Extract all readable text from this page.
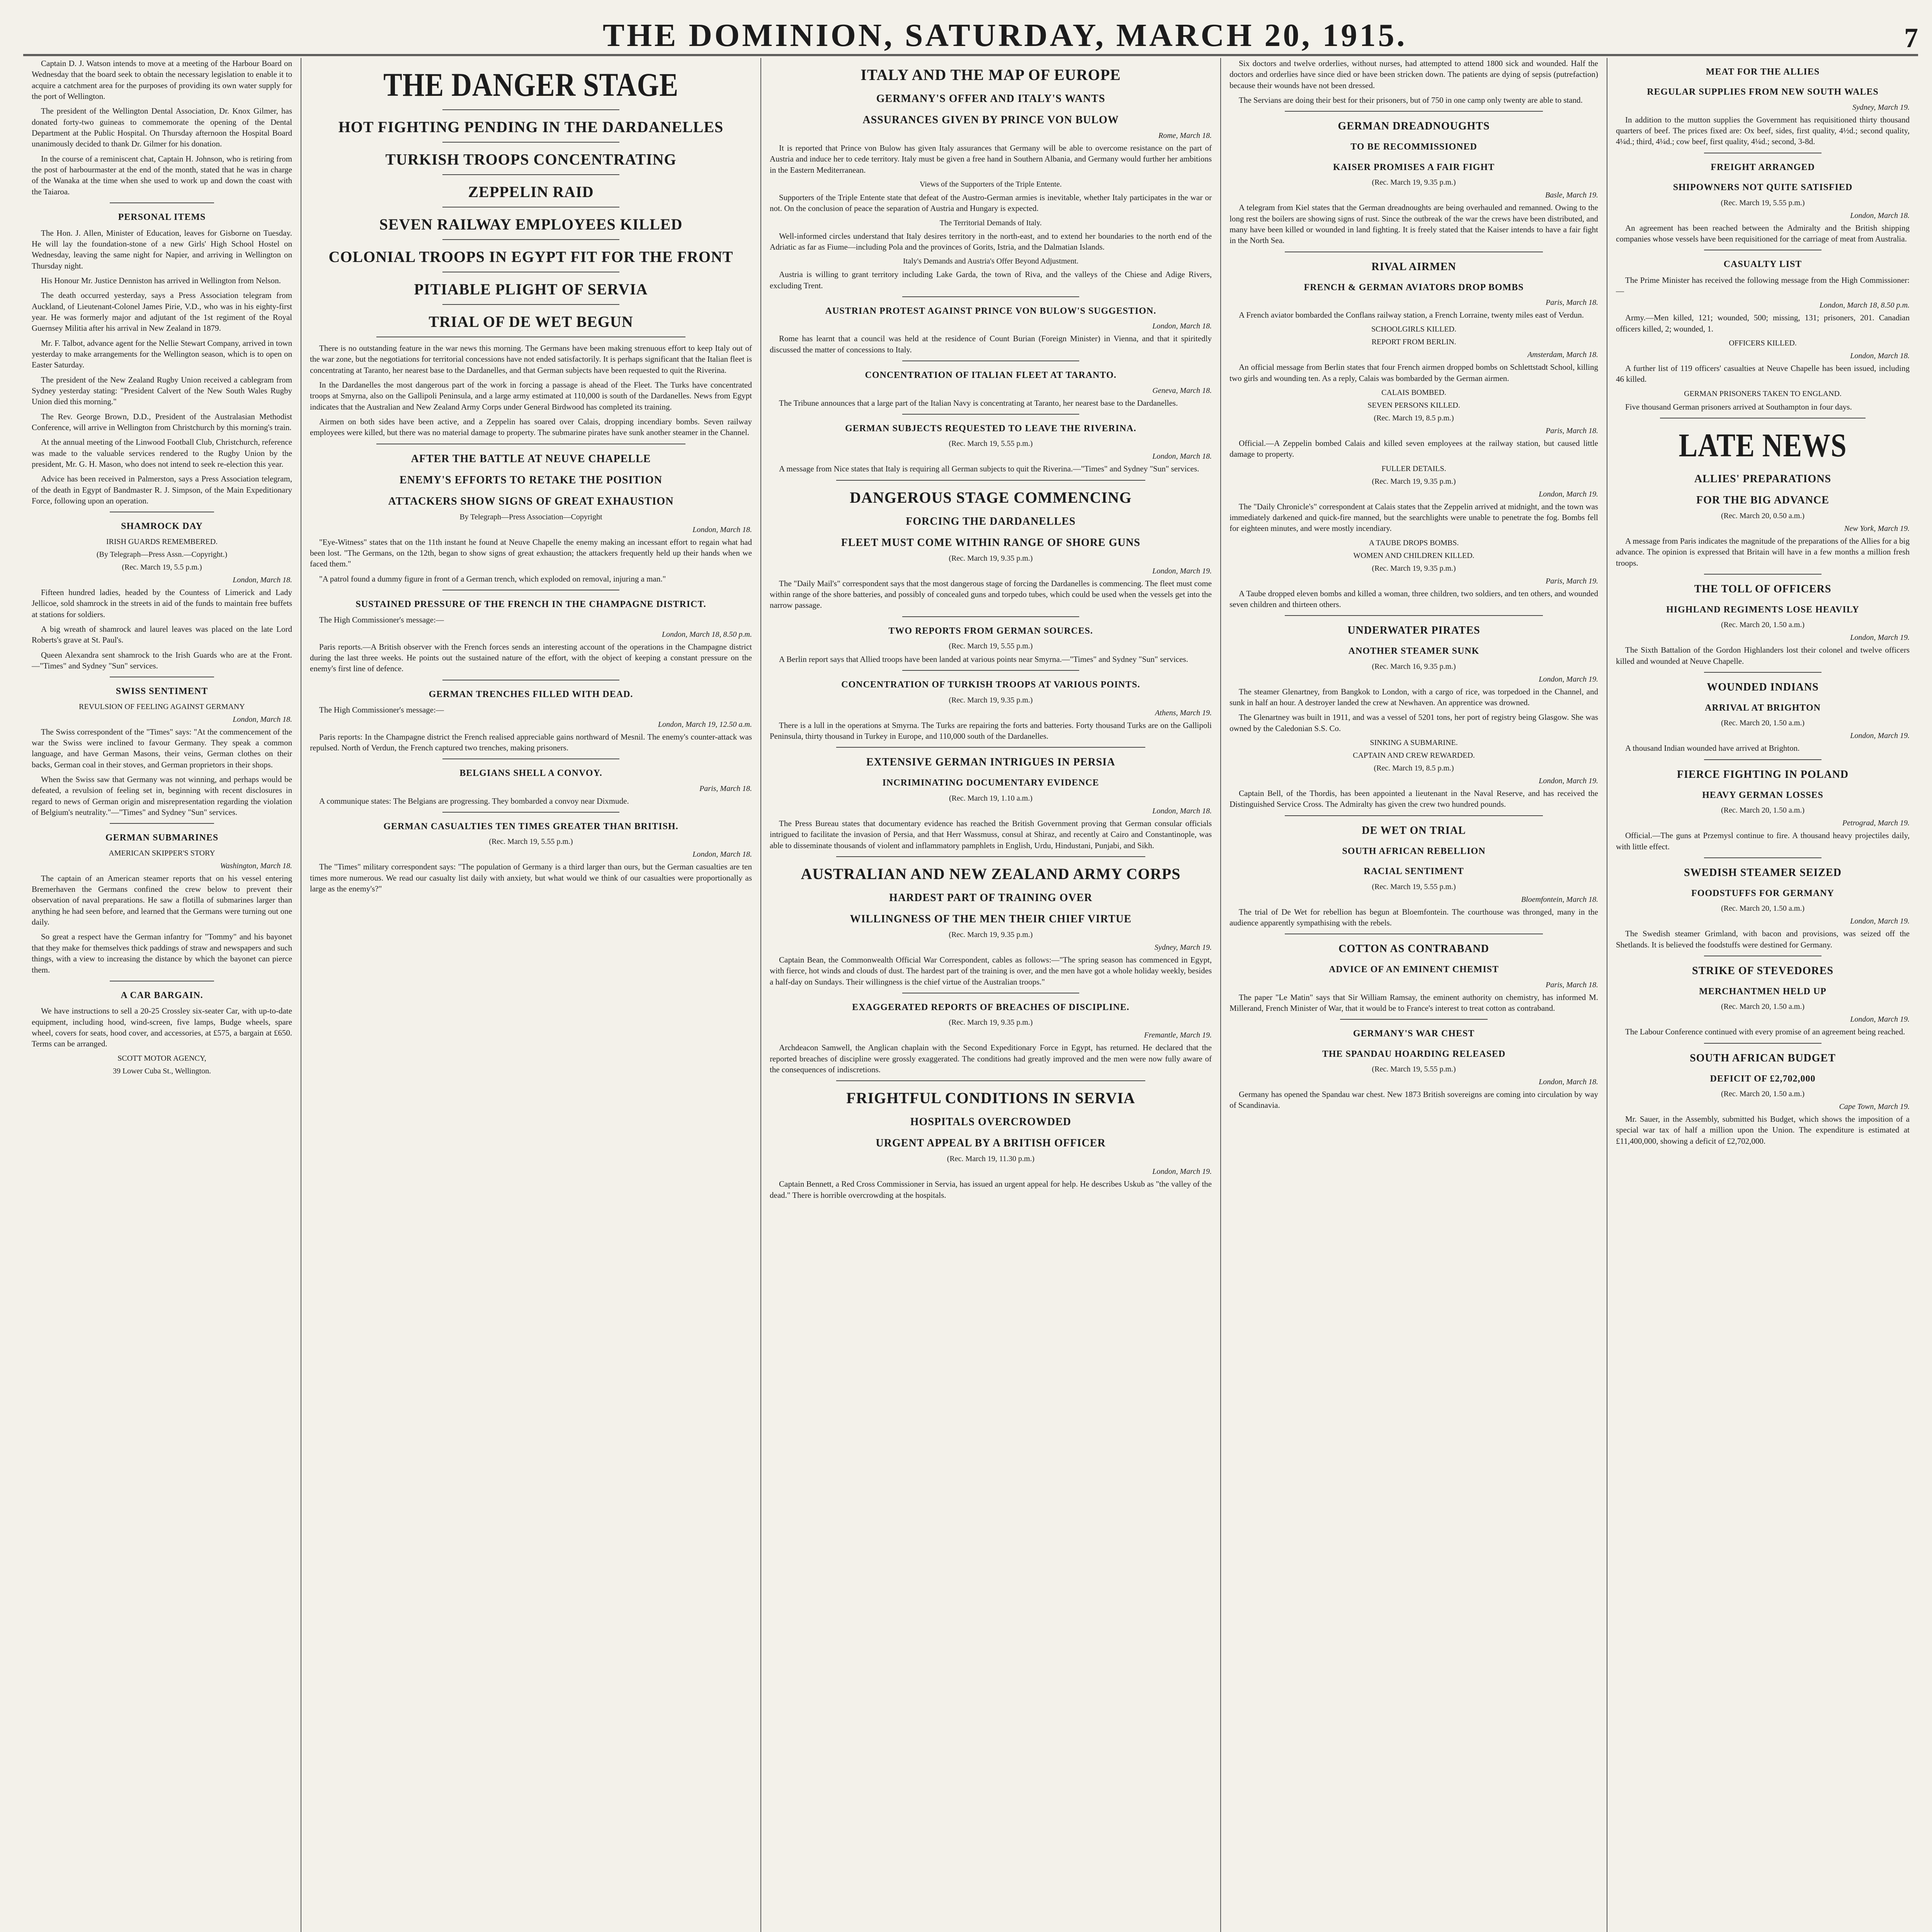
THE DOMINION, SATURDAY, MARCH 20, 1915.	7

Captain D. J. Watson intends to move at a meeting of the Harbour Board on Wednesday that the board seek to obtain the necessary legislation to enable it to acquire a catchment area for the purposes of providing its own water supply for the port of Wellington.

The president of the Wellington Dental Association, Dr. Knox Gilmer, has donated forty-two guineas to commemorate the opening of the Dental Department at the Public Hospital. On Thursday afternoon the Hospital Board unanimously decided to thank Dr. Gilmer for his donation.

In the course of a reminiscent chat, Captain H. Johnson, who is retiring from the post of harbourmaster at the end of the month, stated that he was in charge of the Wanaka at the time when she used to work up and down the coast with the Taiaroa.

PERSONAL ITEMS

The Hon. J. Allen, Minister of Education, leaves for Gisborne on Tuesday. He will lay the foundation-stone of a new Girls' High School Hostel on Wednesday, leaving the same night for Napier, and arriving in Wellington on Thursday night.

His Honour Mr. Justice Denniston has arrived in Wellington from Nelson.

The death occurred yesterday, says a Press Association telegram from Auckland, of Lieutenant-Colonel James Pirie, V.D., who was in his eighty-first year. He was formerly major and adjutant of the 1st regiment of the Royal Guernsey Militia after his arrival in New Zealand in 1879.

Mr. F. Talbot, advance agent for the Nellie Stewart Company, arrived in town yesterday to make arrangements for the Wellington season, which is to open on Easter Saturday.

The president of the New Zealand Rugby Union received a cablegram from Sydney yesterday stating: "President Calvert of the New South Wales Rugby Union died this morning."

The Rev. George Brown, D.D., President of the Australasian Methodist Conference, will arrive in Wellington from Christchurch by this morning's train.

At the annual meeting of the Linwood Football Club, Christchurch, reference was made to the valuable services rendered to the Rugby Union by the president, Mr. G. H. Mason, who does not intend to seek re-election this year.

Advice has been received in Palmerston, says a Press Association telegram, of the death in Egypt of Bandmaster R. J. Simpson, of the Main Expeditionary Force, following upon an operation.

SHAMROCK DAY
IRISH GUARDS REMEMBERED.
(By Telegraph—Press Assn.—Copyright.)
(Rec. March 19, 5.5 p.m.)
London, March 18.

Fifteen hundred ladies, headed by the Countess of Limerick and Lady Jellicoe, sold shamrock in the streets in aid of the funds to maintain free buffets at stations for soldiers.

A big wreath of shamrock and laurel leaves was placed on the late Lord Roberts's grave at St. Paul's.

Queen Alexandra sent shamrock to the Irish Guards who are at the Front.—"Times" and Sydney "Sun" services.

SWISS SENTIMENT
REVULSION OF FEELING AGAINST GERMANY
London, March 18.

The Swiss correspondent of the "Times" says: "At the commencement of the war the Swiss were inclined to favour Germany. They speak a common language, and have German Masons, their veins, German clothes on their backs, German coal in their stoves, and German proprietors in their shops.

When the Swiss saw that Germany was not winning, and perhaps would be defeated, a revulsion of feeling set in, beginning with recent disclosures in regard to news of German origin and misrepresentation regarding the violation of Belgium's neutrality."—"Times" and Sydney "Sun" services.

GERMAN SUBMARINES
AMERICAN SKIPPER'S STORY
Washington, March 18.

The captain of an American steamer reports that on his vessel entering Bremerhaven the Germans confined the crew below to prevent their observation of naval preparations. He saw a flotilla of submarines larger than anything he had seen before, and learned that the Germans were turning out one daily.

So great a respect have the German infantry for "Tommy" and his bayonet that they make for themselves thick paddings of straw and newspapers and such things, with a view to increasing the distance by which the bayonet can pierce them.

A CAR BARGAIN.

We have instructions to sell a 20-25 Crossley six-seater Car, with up-to-date equipment, including hood, wind-screen, five lamps, Budge wheels, spare wheel, covers for seats, hood cover, and accessories, at £575, a bargain at £650. Terms can be arranged.

SCOTT MOTOR AGENCY,
39 Lower Cuba St., Wellington.
THE DANGER STAGE
HOT FIGHTING PENDING IN THE DARDANELLES
TURKISH TROOPS CONCENTRATING
ZEPPELIN RAID
SEVEN RAILWAY EMPLOYEES KILLED
COLONIAL TROOPS IN EGYPT FIT FOR THE FRONT
PITIABLE PLIGHT OF SERVIA
TRIAL OF DE WET BEGUN

There is no outstanding feature in the war news this morning. The Germans have been making strenuous effort to keep Italy out of the war zone, but the negotiations for territorial concessions have not ended satisfactorily. It is perhaps significant that the Italian fleet is concentrating at Taranto, her nearest base to the Dardanelles, and that German subjects have been requested to quit the Riverina.

In the Dardanelles the most dangerous part of the work in forcing a passage is ahead of the Fleet. The Turks have concentrated troops at Smyrna, also on the Gallipoli Peninsula, and a large army estimated at 110,000 is south of the Dardanelles. News from Egypt indicates that the Australian and New Zealand Army Corps under General Birdwood has completed its training.

Airmen on both sides have been active, and a Zeppelin has soared over Calais, dropping incendiary bombs. Seven railway employees were killed, but there was no material damage to property. The submarine pirates have sunk another steamer in the Channel.

AFTER THE BATTLE AT NEUVE CHAPELLE
ENEMY'S EFFORTS TO RETAKE THE POSITION
ATTACKERS SHOW SIGNS OF GREAT EXHAUSTION
By Telegraph—Press Association—Copyright
London, March 18.

"Eye-Witness" states that on the 11th instant he found at Neuve Chapelle the enemy making an incessant effort to regain what had been lost. "The Germans, on the 12th, began to show signs of great exhaustion; the attackers frequently held up their hands when we faced them."

"A patrol found a dummy figure in front of a German trench, which exploded on removal, injuring a man."

SUSTAINED PRESSURE OF THE FRENCH IN THE CHAMPAGNE DISTRICT.

The High Commissioner's message:—

London, March 18, 8.50 p.m.

Paris reports.—A British observer with the French forces sends an interesting account of the operations in the Champagne district during the last three weeks. He points out the sustained nature of the effort, with the object of keeping a constant pressure on the enemy's first line of defence.

GERMAN TRENCHES FILLED WITH DEAD.

The High Commissioner's message:—

London, March 19, 12.50 a.m.

Paris reports: In the Champagne district the French realised appreciable gains northward of Mesnil. The enemy's counter-attack was repulsed. North of Verdun, the French captured two trenches, making prisoners.

BELGIANS SHELL A CONVOY.
Paris, March 18.

A communique states: The Belgians are progressing. They bombarded a convoy near Dixmude.

GERMAN CASUALTIES TEN TIMES GREATER THAN BRITISH.
(Rec. March 19, 5.55 p.m.)
London, March 18.

The "Times" military correspondent says: "The population of Germany is a third larger than ours, but the German casualties are ten times more numerous. We read our casualty list daily with anxiety, but what would we think of our casualties were proportionally as large as the enemy's?"

ITALY AND THE MAP OF EUROPE
GERMANY'S OFFER AND ITALY'S WANTS
ASSURANCES GIVEN BY PRINCE VON BULOW
Rome, March 18.

It is reported that Prince von Bulow has given Italy assurances that Germany will be able to overcome resistance on the part of Austria and induce her to cede territory. Italy must be given a free hand in Southern Albania, and Germany would further her ambitions in the Eastern Mediterranean.

Views of the Supporters of the Triple Entente.

Supporters of the Triple Entente state that defeat of the Austro-German armies is inevitable, whether Italy participates in the war or not. On the conclusion of peace the separation of Austria and Hungary is expected.

The Territorial Demands of Italy.

Well-informed circles understand that Italy desires territory in the north-east, and to extend her boundaries to the north end of the Adriatic as far as Fiume—including Pola and the provinces of Gorits, Istria, and the Dalmatian Islands.

Italy's Demands and Austria's Offer Beyond Adjustment.

Austria is willing to grant territory including Lake Garda, the town of Riva, and the valleys of the Chiese and Adige Rivers, excluding Trent.

AUSTRIAN PROTEST AGAINST PRINCE VON BULOW'S SUGGESTION.
London, March 18.

Rome has learnt that a council was held at the residence of Count Burian (Foreign Minister) in Vienna, and that it spiritedly discussed the matter of concessions to Italy.

CONCENTRATION OF ITALIAN FLEET AT TARANTO.
Geneva, March 18.

The Tribune announces that a large part of the Italian Navy is concentrating at Taranto, her nearest base to the Dardanelles.

GERMAN SUBJECTS REQUESTED TO LEAVE THE RIVERINA.
(Rec. March 19, 5.55 p.m.)
London, March 18.

A message from Nice states that Italy is requiring all German subjects to quit the Riverina.—"Times" and Sydney "Sun" services.

DANGEROUS STAGE COMMENCING
FORCING THE DARDANELLES
FLEET MUST COME WITHIN RANGE OF SHORE GUNS
(Rec. March 19, 9.35 p.m.)
London, March 19.

The "Daily Mail's" correspondent says that the most dangerous stage of forcing the Dardanelles is commencing. The fleet must come within range of the shore batteries, and possibly of concealed guns and torpedo tubes, which could be used when the vessels get into the narrow passage.

TWO REPORTS FROM GERMAN SOURCES.
(Rec. March 19, 5.55 p.m.)

A Berlin report says that Allied troops have been landed at various points near Smyrna.—"Times" and Sydney "Sun" services.

CONCENTRATION OF TURKISH TROOPS AT VARIOUS POINTS.
(Rec. March 19, 9.35 p.m.)
Athens, March 19.

There is a lull in the operations at Smyrna. The Turks are repairing the forts and batteries. Forty thousand Turks are on the Gallipoli Peninsula, thirty thousand in Turkey in Europe, and 110,000 south of the Dardanelles.

EXTENSIVE GERMAN INTRIGUES IN PERSIA
INCRIMINATING DOCUMENTARY EVIDENCE
(Rec. March 19, 1.10 a.m.)
London, March 18.

The Press Bureau states that documentary evidence has reached the British Government proving that German consular officials intrigued to facilitate the invasion of Persia, and that Herr Wassmuss, consul at Shiraz, and recently at Cairo and Constantinople, was able to disseminate thousands of violent and inflammatory pamphlets in English, Urdu, Hindustani, Punjabi, and Sikh.

AUSTRALIAN AND NEW ZEALAND ARMY CORPS
HARDEST PART OF TRAINING OVER
WILLINGNESS OF THE MEN THEIR CHIEF VIRTUE
(Rec. March 19, 9.35 p.m.)
Sydney, March 19.

Captain Bean, the Commonwealth Official War Correspondent, cables as follows:—"The spring season has commenced in Egypt, with fierce, hot winds and clouds of dust. The hardest part of the training is over, and the men have got a whole holiday weekly, besides a half-day on Sundays. Their willingness is the chief virtue of the Australian troops."

EXAGGERATED REPORTS OF BREACHES OF DISCIPLINE.
(Rec. March 19, 9.35 p.m.)
Fremantle, March 19.

Archdeacon Samwell, the Anglican chaplain with the Second Expeditionary Force in Egypt, has returned. He declared that the reported breaches of discipline were grossly exaggerated. The conditions had greatly improved and the men were now fully aware of the consequences of indiscretions.

FRIGHTFUL CONDITIONS IN SERVIA
HOSPITALS OVERCROWDED
URGENT APPEAL BY A BRITISH OFFICER
(Rec. March 19, 11.30 p.m.)
London, March 19.

Captain Bennett, a Red Cross Commissioner in Servia, has issued an urgent appeal for help. He describes Uskub as "the valley of the dead." There is horrible overcrowding at the hospitals.

Six doctors and twelve orderlies, without nurses, had attempted to attend 1800 sick and wounded. Half the doctors and orderlies have since died or have been stricken down. The patients are dying of sepsis (putrefaction) because their wounds have not been dressed.

The Servians are doing their best for their prisoners, but of 750 in one camp only twenty are able to stand.

GERMAN DREADNOUGHTS
TO BE RECOMMISSIONED
KAISER PROMISES A FAIR FIGHT
(Rec. March 19, 9.35 p.m.)
Basle, March 19.

A telegram from Kiel states that the German dreadnoughts are being overhauled and remanned. Owing to the long rest the boilers are showing signs of rust. Since the outbreak of the war the crews have been distributed, and many have been killed or wounded in land fighting. It is freely stated that the Kaiser intends to have a fair fight in the North Sea.

RIVAL AIRMEN
FRENCH & GERMAN AVIATORS DROP BOMBS
Paris, March 18.

A French aviator bombarded the Conflans railway station, a French Lorraine, twenty miles east of Verdun.

SCHOOLGIRLS KILLED.
REPORT FROM BERLIN.
Amsterdam, March 18.

An official message from Berlin states that four French airmen dropped bombs on Schlettstadt School, killing two girls and wounding ten. As a reply, Calais was bombarded by the German airmen.

CALAIS BOMBED.
SEVEN PERSONS KILLED.
(Rec. March 19, 8.5 p.m.)
Paris, March 18.

Official.—A Zeppelin bombed Calais and killed seven employees at the railway station, but caused little damage to property.

FULLER DETAILS.
(Rec. March 19, 9.35 p.m.)
London, March 19.

The "Daily Chronicle's" correspondent at Calais states that the Zeppelin arrived at midnight, and the town was immediately darkened and quick-fire manned, but the searchlights were unable to penetrate the fog. Bombs fell for eighteen minutes, and were mostly incendiary.

A TAUBE DROPS BOMBS.
WOMEN AND CHILDREN KILLED.
(Rec. March 19, 9.35 p.m.)
Paris, March 19.

A Taube dropped eleven bombs and killed a woman, three children, two soldiers, and ten others, and wounded seven children and thirteen others.

UNDERWATER PIRATES
ANOTHER STEAMER SUNK
(Rec. March 16, 9.35 p.m.)
London, March 19.

The steamer Glenartney, from Bangkok to London, with a cargo of rice, was torpedoed in the Channel, and sunk in half an hour. A destroyer landed the crew at Newhaven. An apprentice was drowned.

The Glenartney was built in 1911, and was a vessel of 5201 tons, her port of registry being Glasgow. She was owned by the Caledonian S.S. Co.

SINKING A SUBMARINE.
CAPTAIN AND CREW REWARDED.
(Rec. March 19, 8.5 p.m.)
London, March 19.

Captain Bell, of the Thordis, has been appointed a lieutenant in the Naval Reserve, and has received the Distinguished Service Cross. The Admiralty has given the crew two hundred pounds.

DE WET ON TRIAL
SOUTH AFRICAN REBELLION
RACIAL SENTIMENT
(Rec. March 19, 5.55 p.m.)
Bloemfontein, March 18.

The trial of De Wet for rebellion has begun at Bloemfontein. The courthouse was thronged, many in the audience apparently sympathising with the rebels.

COTTON AS CONTRABAND
ADVICE OF AN EMINENT CHEMIST
Paris, March 18.

The paper "Le Matin" says that Sir William Ramsay, the eminent authority on chemistry, has informed M. Millerand, French Minister of War, that it would be to France's interest to treat cotton as contraband.

GERMANY'S WAR CHEST
THE SPANDAU HOARDING RELEASED
(Rec. March 19, 5.55 p.m.)
London, March 18.

Germany has opened the Spandau war chest. New 1873 British sovereigns are coming into circulation by way of Scandinavia.

MEAT FOR THE ALLIES
REGULAR SUPPLIES FROM NEW SOUTH WALES
Sydney, March 19.

In addition to the mutton supplies the Government has requisitioned thirty thousand quarters of beef. The prices fixed are: Ox beef, sides, first quality, 4½d.; second quality, 4¼d.; third, 4¼d.; cow beef, first quality, 4¼d.; second, 3-8d.

FREIGHT ARRANGED
SHIPOWNERS NOT QUITE SATISFIED
(Rec. March 19, 5.55 p.m.)
London, March 18.

An agreement has been reached between the Admiralty and the British shipping companies whose vessels have been requisitioned for the carriage of meat from Australia.

CASUALTY LIST

The Prime Minister has received the following message from the High Commissioner:—

London, March 18, 8.50 p.m.

Army.—Men killed, 121; wounded, 500; missing, 131; prisoners, 201. Canadian officers killed, 2; wounded, 1.

OFFICERS KILLED.
London, March 18.

A further list of 119 officers' casualties at Neuve Chapelle has been issued, including 46 killed.

GERMAN PRISONERS TAKEN TO ENGLAND.

Five thousand German prisoners arrived at Southampton in four days.

LATE NEWS
ALLIES' PREPARATIONS
FOR THE BIG ADVANCE
(Rec. March 20, 0.50 a.m.)
New York, March 19.

A message from Paris indicates the magnitude of the preparations of the Allies for a big advance. The opinion is expressed that Britain will have in a few months a million fresh troops.

THE TOLL OF OFFICERS
HIGHLAND REGIMENTS LOSE HEAVILY
(Rec. March 20, 1.50 a.m.)
London, March 19.

The Sixth Battalion of the Gordon Highlanders lost their colonel and twelve officers killed and wounded at Neuve Chapelle.

WOUNDED INDIANS
ARRIVAL AT BRIGHTON
(Rec. March 20, 1.50 a.m.)
London, March 19.

A thousand Indian wounded have arrived at Brighton.

FIERCE FIGHTING IN POLAND
HEAVY GERMAN LOSSES
(Rec. March 20, 1.50 a.m.)
Petrograd, March 19.

Official.—The guns at Przemysl continue to fire. A thousand heavy projectiles daily, with little effect.

SWEDISH STEAMER SEIZED
FOODSTUFFS FOR GERMANY
(Rec. March 20, 1.50 a.m.)
London, March 19.

The Swedish steamer Grimland, with bacon and provisions, was seized off the Shetlands. It is believed the foodstuffs were destined for Germany.

STRIKE OF STEVEDORES
MERCHANTMEN HELD UP
(Rec. March 20, 1.50 a.m.)
London, March 19.

The Labour Conference continued with every promise of an agreement being reached.

SOUTH AFRICAN BUDGET
DEFICIT OF £2,702,000
(Rec. March 20, 1.50 a.m.)
Cape Town, March 19.

Mr. Sauer, in the Assembly, submitted his Budget, which shows the imposition of a special war tax of half a million upon the Union. The expenditure is estimated at £11,400,000, showing a deficit of £2,702,000.
